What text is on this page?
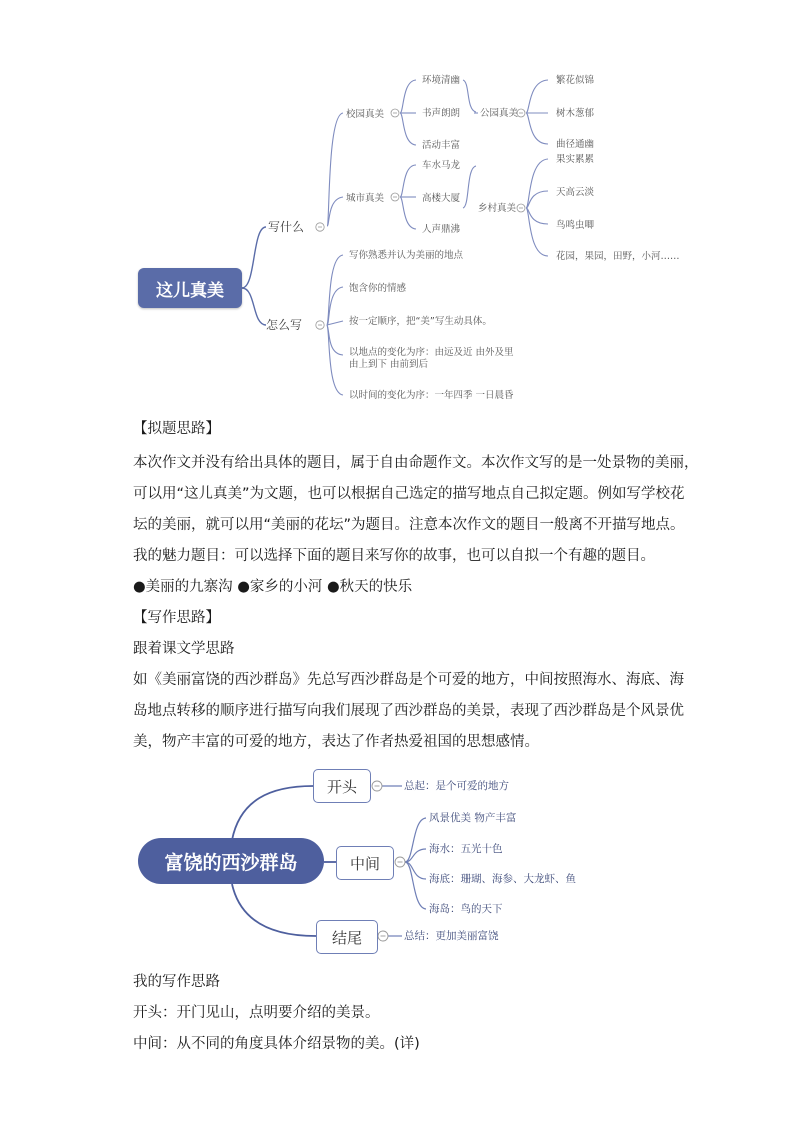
这儿真美
写什么
怎么写
校园真美
城市真美
环境清幽
书声朗朗
活动丰富
车水马龙
高楼大厦
人声鼎沸
公园真美
乡村真美
繁花似锦
树木葱郁
曲径通幽
果实累累
天高云淡
鸟鸣虫唧
花园，果园，田野，小河……
写你熟悉并认为美丽的地点
饱含你的情感
按一定顺序，把“美”写生动具体。
以地点的变化为序：由远及近 由外及里
由上到下 由前到后
以时间的变化为序：一年四季 一日晨昏
【拟题思路】
本次作文并没有给出具体的题目，属于自由命题作文。本次作文写的是一处景物的美丽，
可以用“这儿真美”为文题，也可以根据自己选定的描写地点自己拟定题。例如写学校花
坛的美丽，就可以用“美丽的花坛”为题目。注意本次作文的题目一般离不开描写地点。
我的魅力题目：可以选择下面的题目来写你的故事，也可以自拟一个有趣的题目。
●美丽的九寨沟 ●家乡的小河 ●秋天的快乐
【写作思路】
跟着课文学思路
如《美丽富饶的西沙群岛》先总写西沙群岛是个可爱的地方，中间按照海水、海底、海
岛地点转移的顺序进行描写向我们展现了西沙群岛的美景，表现了西沙群岛是个风景优
美，物产丰富的可爱的地方，表达了作者热爱祖国的思想感情。
富饶的西沙群岛
开头
中间
结尾
总起：是个可爱的地方
风景优美 物产丰富
海水：五光十色
海底：珊瑚、海参、大龙虾、鱼
海岛：鸟的天下
总结：更加美丽富饶
我的写作思路
开头：开门见山，点明要介绍的美景。
中间：从不同的角度具体介绍景物的美。(详)
